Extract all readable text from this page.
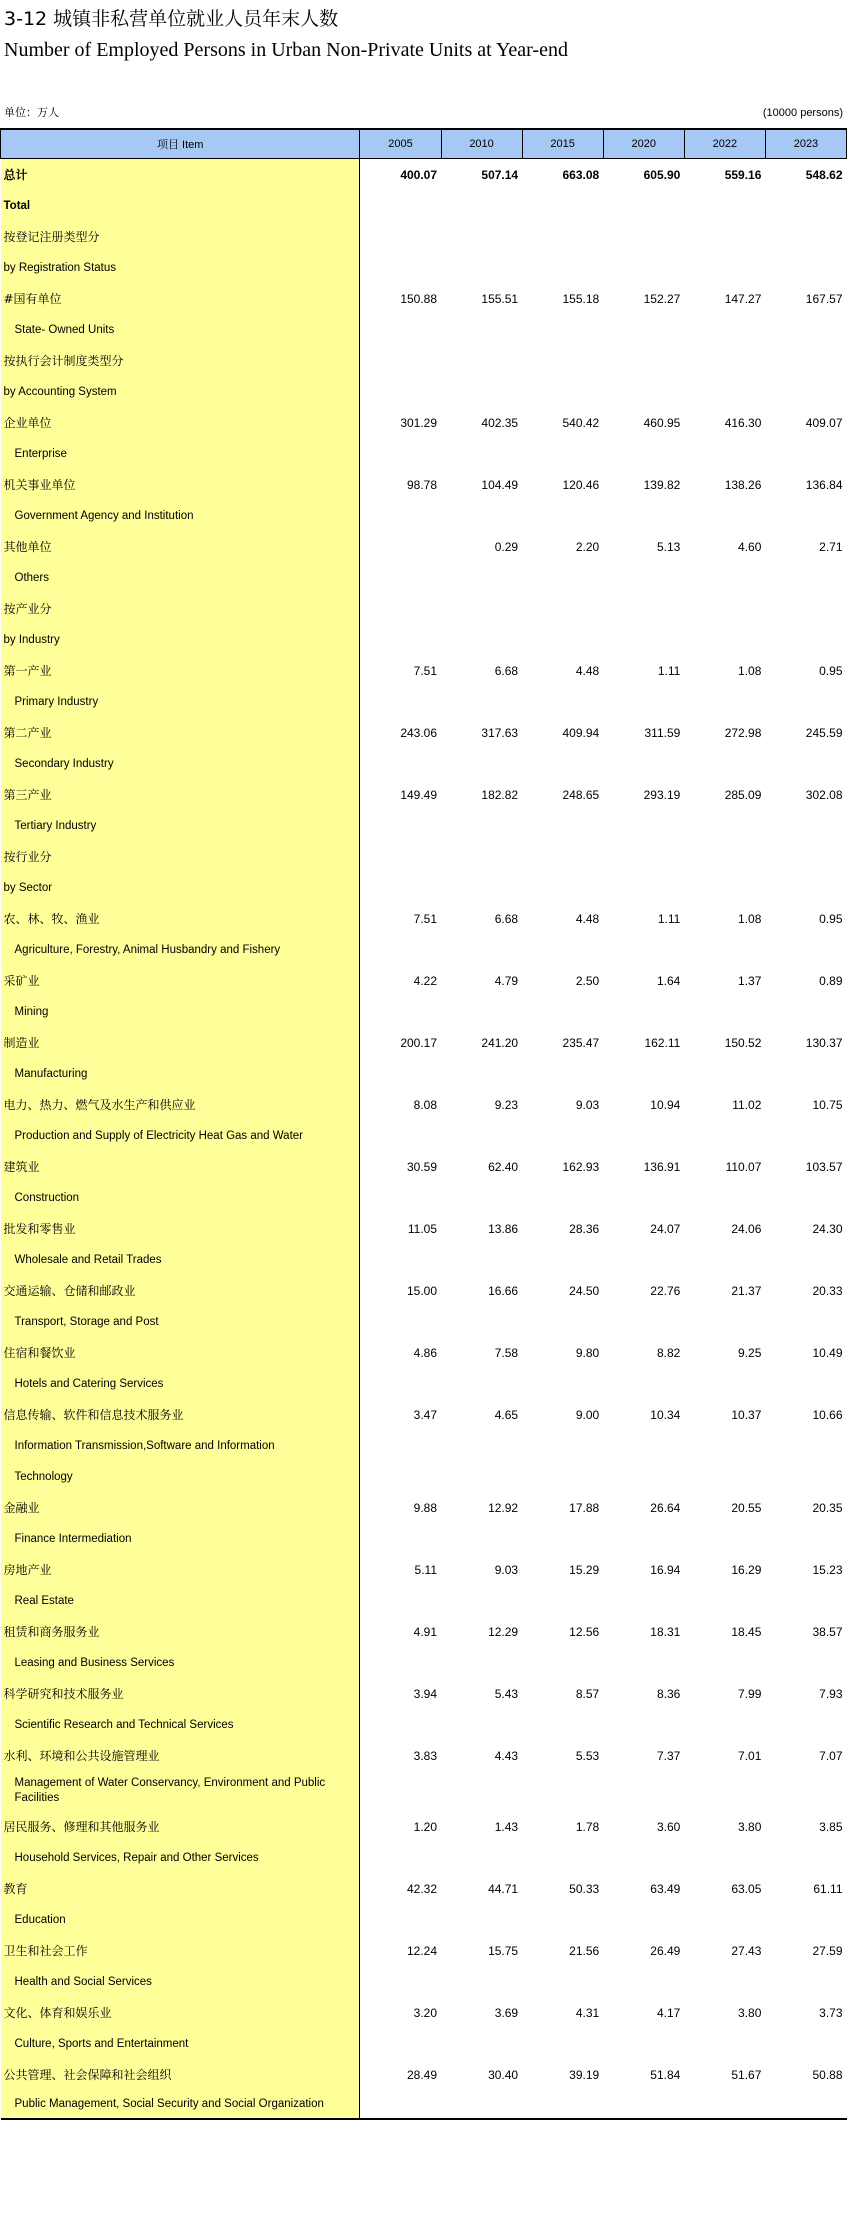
3-12 城镇非私营单位就业人员年末人数
Number of Employed Persons in Urban Non-Private Units at Year-end
单位：万人	(10000 persons)
项目 Item	2005	2010	2015	2020	2022	2023
总计	400.07	507.14	663.08	605.90	559.16	548.62
Total						
按登记注册类型分						
by Registration Status						
#国有单位	150.88	155.51	155.18	152.27	147.27	167.57
State- Owned Units						
按执行会计制度类型分						
by Accounting System						
企业单位	301.29	402.35	540.42	460.95	416.30	409.07
Enterprise						
机关事业单位	98.78	104.49	120.46	139.82	138.26	136.84
Government Agency and Institution						
其他单位		0.29	2.20	5.13	4.60	2.71
Others						
按产业分						
by Industry						
第一产业	7.51	6.68	4.48	1.11	1.08	0.95
Primary Industry						
第二产业	243.06	317.63	409.94	311.59	272.98	245.59
Secondary Industry						
第三产业	149.49	182.82	248.65	293.19	285.09	302.08
Tertiary Industry						
按行业分						
by Sector						
农、林、牧、渔业	7.51	6.68	4.48	1.11	1.08	0.95
Agriculture, Forestry, Animal Husbandry and Fishery						
采矿业	4.22	4.79	2.50	1.64	1.37	0.89
Mining						
制造业	200.17	241.20	235.47	162.11	150.52	130.37
Manufacturing						
电力、热力、燃气及水生产和供应业	8.08	9.23	9.03	10.94	11.02	10.75
Production and Supply of Electricity Heat Gas and Water						
建筑业	30.59	62.40	162.93	136.91	110.07	103.57
Construction						
批发和零售业	11.05	13.86	28.36	24.07	24.06	24.30
Wholesale and Retail Trades						
交通运输、仓储和邮政业	15.00	16.66	24.50	22.76	21.37	20.33
Transport, Storage and Post						
住宿和餐饮业	4.86	7.58	9.80	8.82	9.25	10.49
Hotels and Catering Services						
信息传输、软件和信息技术服务业	3.47	4.65	9.00	10.34	10.37	10.66
Information Transmission,Software and Information						
Technology						
金融业	9.88	12.92	17.88	26.64	20.55	20.35
Finance Intermediation						
房地产业	5.11	9.03	15.29	16.94	16.29	15.23
Real Estate						
租赁和商务服务业	4.91	12.29	12.56	18.31	18.45	38.57
Leasing and Business Services						
科学研究和技术服务业	3.94	5.43	8.57	8.36	7.99	7.93
Scientific Research and Technical Services						
水利、环境和公共设施管理业	3.83	4.43	5.53	7.37	7.01	7.07
Management of Water Conservancy, Environment and Public Facilities						
居民服务、修理和其他服务业	1.20	1.43	1.78	3.60	3.80	3.85
Household Services, Repair and Other Services						
教育	42.32	44.71	50.33	63.49	63.05	61.11
Education						
卫生和社会工作	12.24	15.75	21.56	26.49	27.43	27.59
Health and Social Services						
文化、体育和娱乐业	3.20	3.69	4.31	4.17	3.80	3.73
Culture, Sports and Entertainment						
公共管理、社会保障和社会组织	28.49	30.40	39.19	51.84	51.67	50.88
Public Management, Social Security and Social Organization						
